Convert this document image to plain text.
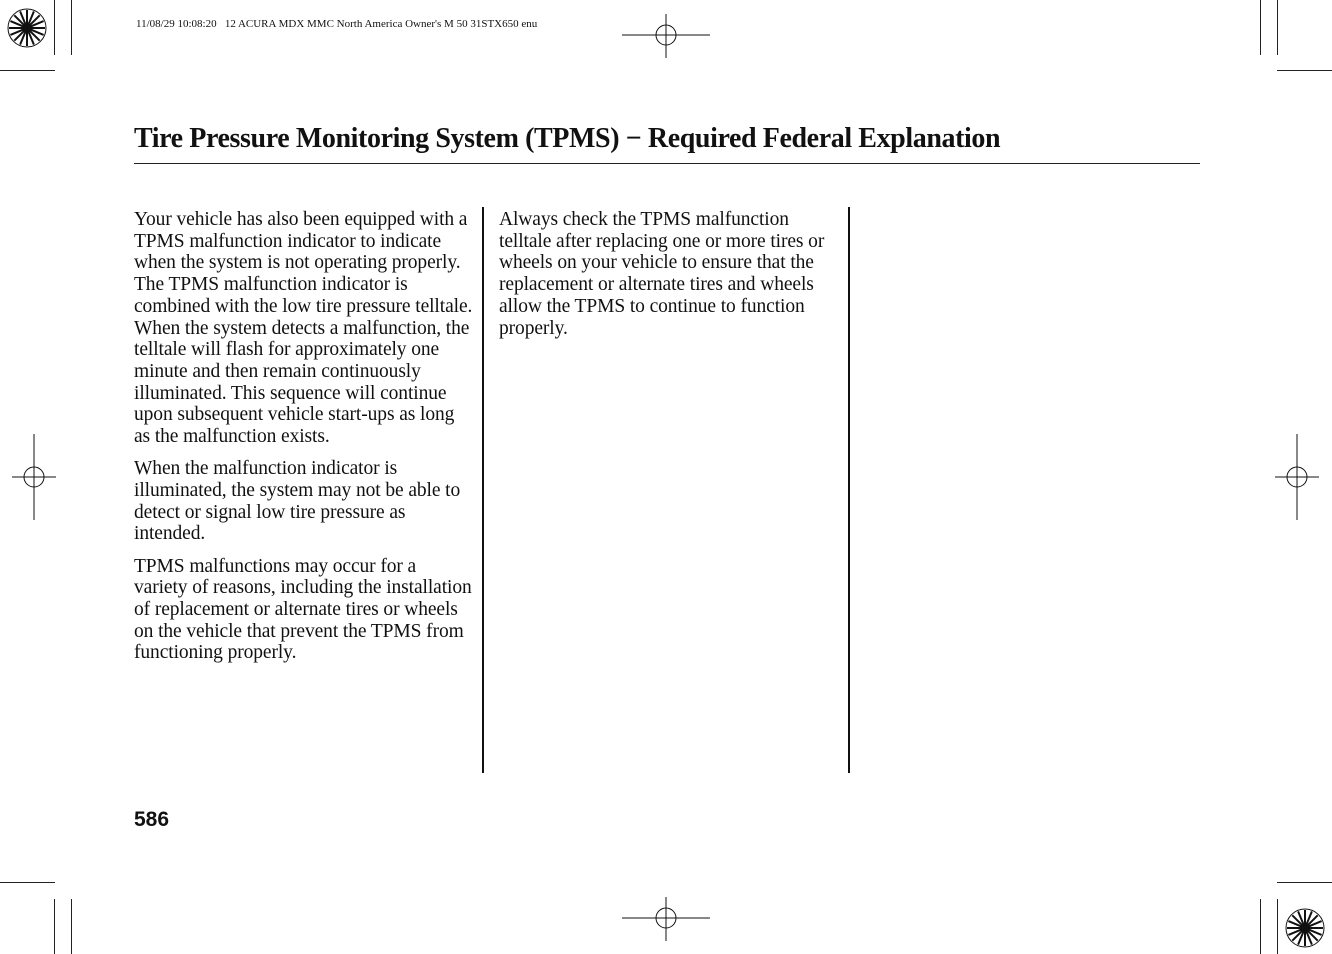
11/08/29 10:08:20   12 ACURA MDX MMC North America Owner's M 50 31STX650 enu
Tire Pressure Monitoring System (TPMS) − Required Federal Explanation

Your vehicle has also been equipped with a TPMS malfunction indicator to indicate when the system is not operating properly. The TPMS malfunction indicator is combined with the low tire pressure telltale. When the system detects a malfunction, the telltale will flash for approximately one minute and then remain continuously illuminated. This sequence will continue upon subsequent vehicle start-ups as long as the malfunction exists.

When the malfunction indicator is illuminated, the system may not be able to detect or signal low tire pressure as intended.

TPMS malfunctions may occur for a variety of reasons, including the installation of replacement or alternate tires or wheels on the vehicle that prevent the TPMS from functioning properly.

Always check the TPMS malfunction telltale after replacing one or more tires or wheels on your vehicle to ensure that the replacement or alternate tires and wheels allow the TPMS to continue to function properly.

586
